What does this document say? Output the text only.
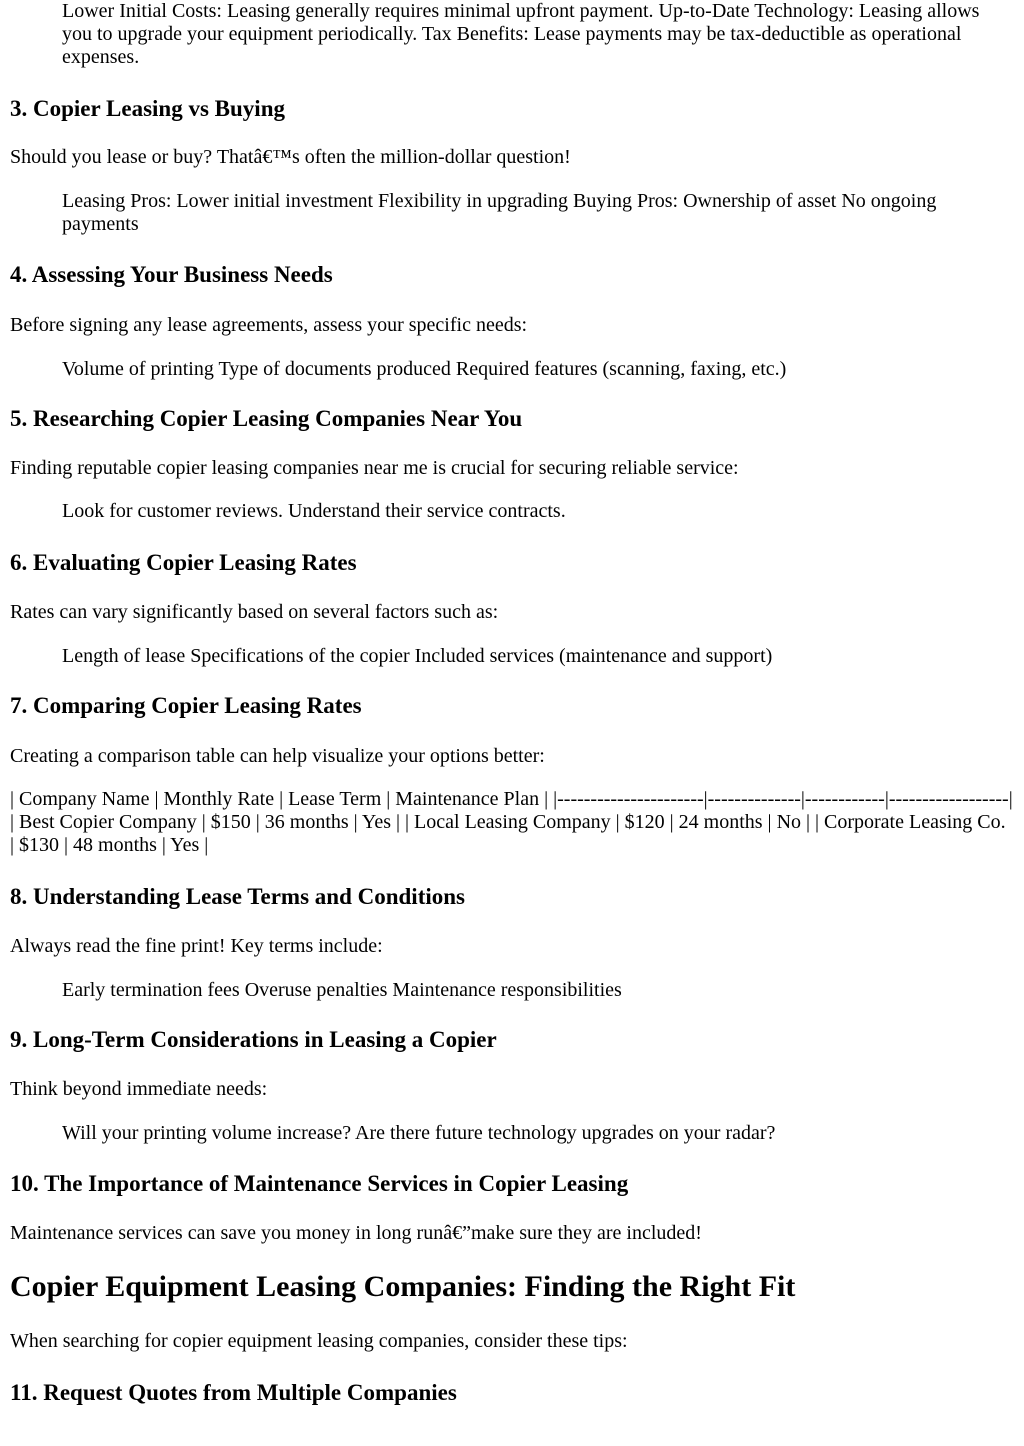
Lower Initial Costs: Leasing generally requires minimal upfront payment. Up-to-Date Technology: Leasing allows you to upgrade your equipment periodically. Tax Benefits: Lease payments may be tax-deductible as operational expenses.

3. Copier Leasing vs Buying

Should you lease or buy? Thatâ€™s often the million-dollar question!

Leasing Pros: Lower initial investment Flexibility in upgrading Buying Pros: Ownership of asset No ongoing payments

4. Assessing Your Business Needs

Before signing any lease agreements, assess your specific needs:

Volume of printing Type of documents produced Required features (scanning, faxing, etc.)

5. Researching Copier Leasing Companies Near You

Finding reputable copier leasing companies near me is crucial for securing reliable service:

Look for customer reviews. Understand their service contracts.

6. Evaluating Copier Leasing Rates

Rates can vary significantly based on several factors such as:

Length of lease Specifications of the copier Included services (maintenance and support)

7. Comparing Copier Leasing Rates

Creating a comparison table can help visualize your options better:

| Company Name | Monthly Rate | Lease Term | Maintenance Plan | |----------------------|--------------|------------|------------------| | Best Copier Company | $150 | 36 months | Yes | | Local Leasing Company | $120 | 24 months | No | | Corporate Leasing Co. | $130 | 48 months | Yes |

8. Understanding Lease Terms and Conditions

Always read the fine print! Key terms include:

Early termination fees Overuse penalties Maintenance responsibilities

9. Long-Term Considerations in Leasing a Copier

Think beyond immediate needs:

Will your printing volume increase? Are there future technology upgrades on your radar?

10. The Importance of Maintenance Services in Copier Leasing

Maintenance services can save you money in long runâ€”make sure they are included!

Copier Equipment Leasing Companies: Finding the Right Fit

When searching for copier equipment leasing companies, consider these tips:

11. Request Quotes from Multiple Companies
